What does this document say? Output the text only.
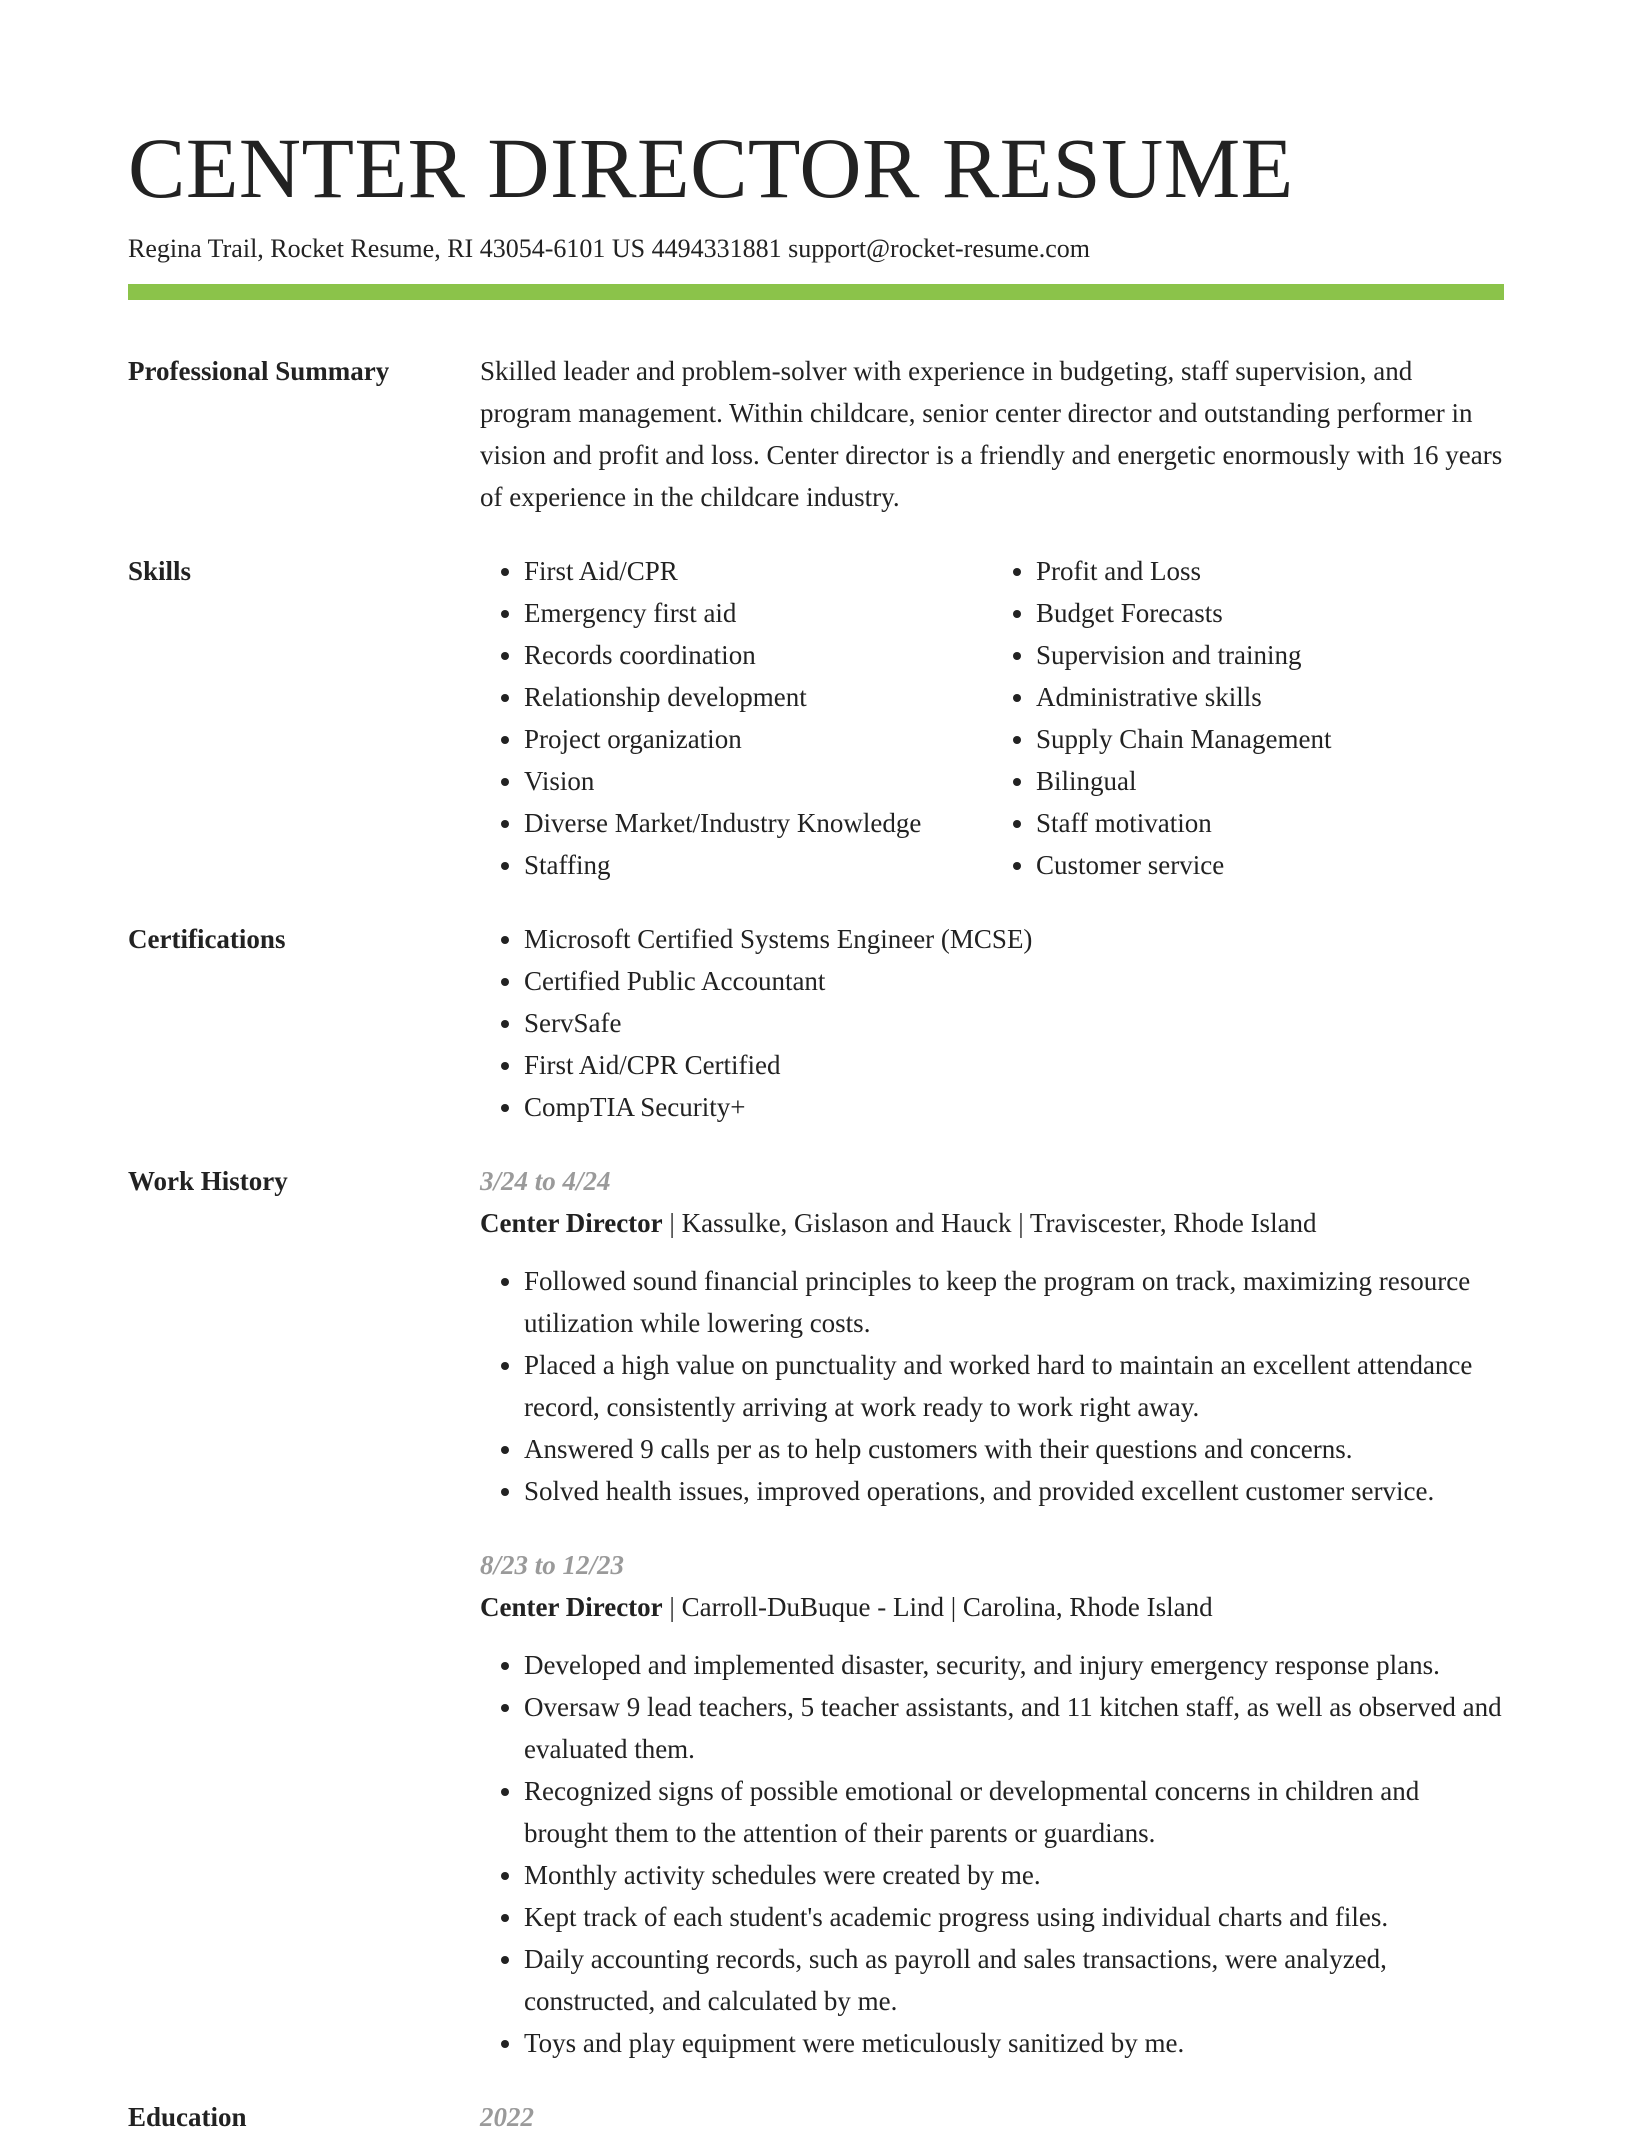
CENTER DIRECTOR RESUME
Regina Trail, Rocket Resume, RI 43054-6101 US 4494331881 support@rocket-resume.com
Professional Summary	Skilled leader and problem-solver with experience in budgeting, staff supervision, and program management. Within childcare, senior center director and outstanding performer in vision and profit and loss. Center director is a friendly and energetic enormously with 16 years of experience in the childcare industry.
Skills	• First Aid/CPR
• Emergency first aid
• Records coordination
• Relationship development
• Project organization
• Vision
• Diverse Market/Industry Knowledge
• Staffing
• Profit and Loss
• Budget Forecasts
• Supervision and training
• Administrative skills
• Supply Chain Management
• Bilingual
• Staff motivation
• Customer service
Certifications	• Microsoft Certified Systems Engineer (MCSE)
• Certified Public Accountant
• ServSafe
• First Aid/CPR Certified
• CompTIA Security+
Work History	3/24 to 4/24
Center Director | Kassulke, Gislason and Hauck | Traviscester, Rhode Island
• Followed sound financial principles to keep the program on track, maximizing resource utilization while lowering costs.
• Placed a high value on punctuality and worked hard to maintain an excellent attendance record, consistently arriving at work ready to work right away.
• Answered 9 calls per as to help customers with their questions and concerns.
• Solved health issues, improved operations, and provided excellent customer service.
8/23 to 12/23
Center Director | Carroll-DuBuque - Lind | Carolina, Rhode Island
• Developed and implemented disaster, security, and injury emergency response plans.
• Oversaw 9 lead teachers, 5 teacher assistants, and 11 kitchen staff, as well as observed and evaluated them.
• Recognized signs of possible emotional or developmental concerns in children and brought them to the attention of their parents or guardians.
• Monthly activity schedules were created by me.
• Kept track of each student's academic progress using individual charts and files.
• Daily accounting records, such as payroll and sales transactions, were analyzed, constructed, and calculated by me.
• Toys and play equipment were meticulously sanitized by me.
Education	2022
